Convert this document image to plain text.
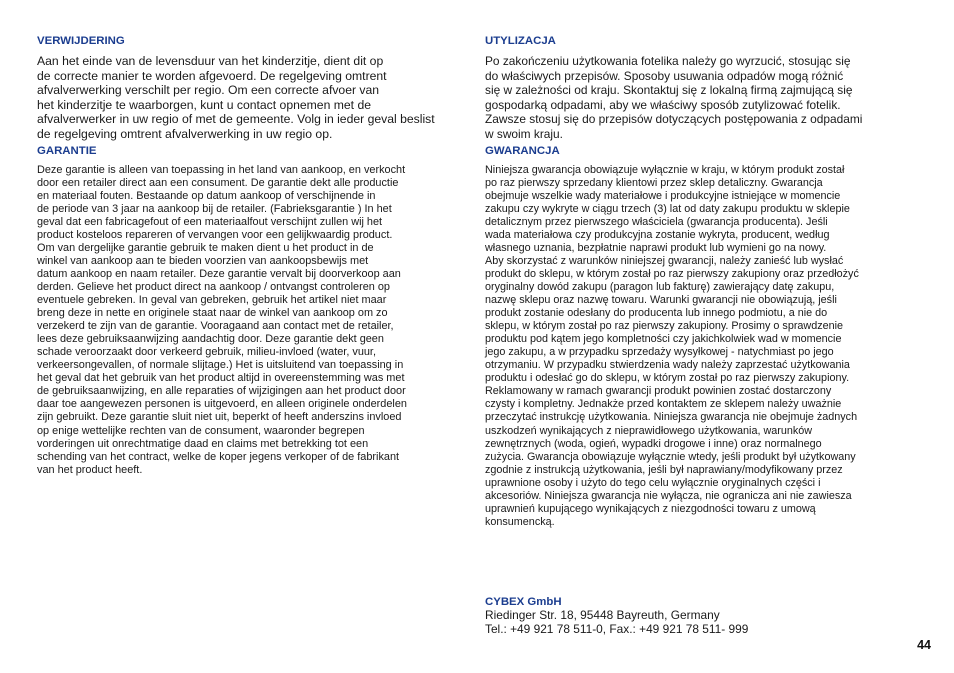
VERWIJDERING

Aan het einde van de levensduur van het kinderzitje, dient dit op
de correcte manier te worden afgevoerd. De regelgeving omtrent
afvalverwerking verschilt per regio. Om een correcte afvoer van
het kinderzitje te waarborgen, kunt u contact opnemen met de
afvalverwerker in uw regio of met de gemeente. Volg in ieder geval beslist
de regelgeving omtrent afvalverwerking in uw regio op.

GARANTIE

Deze garantie is alleen van toepassing in het land van aankoop, en verkocht
door een retailer direct aan een consument. De garantie dekt alle productie
en materiaal fouten. Bestaande op datum aankoop of verschijnende in
de periode van 3 jaar na aankoop bij de retailer. (Fabrieksgarantie ) In het
geval dat een fabricagefout of een materiaalfout verschijnt zullen wij het
product kosteloos repareren of vervangen voor een gelijkwaardig product.
Om van dergelijke garantie gebruik te maken dient u het product in de
winkel van aankoop aan te bieden voorzien van aankoopsbewijs met
datum aankoop en naam retailer. Deze garantie vervalt bij doorverkoop aan
derden. Gelieve het product direct na aankoop / ontvangst controleren op
eventuele gebreken. In geval van gebreken, gebruik het artikel niet maar
breng deze in nette en originele staat naar de winkel van aankoop om zo
verzekerd te zijn van de garantie. Vooragaand aan contact met de retailer,
lees deze gebruiksaanwijzing aandachtig door. Deze garantie dekt geen
schade veroorzaakt door verkeerd gebruik, milieu-invloed (water, vuur,
verkeersongevallen, of normale slijtage.) Het is uitsluitend van toepassing in
het geval dat het gebruik van het product altijd in overeenstemming was met
de gebruiksaanwijzing, en alle reparaties of wijzigingen aan het product door
daar toe aangewezen personen is uitgevoerd, en alleen originele onderdelen
zijn gebruikt. Deze garantie sluit niet uit, beperkt of heeft anderszins invloed
op enige wettelijke rechten van de consument, waaronder begrepen
vorderingen uit onrechtmatige daad en claims met betrekking tot een
schending van het contract, welke de koper jegens verkoper of de fabrikant
van het product heeft.

UTYLIZACJA

Po zakończeniu użytkowania fotelika należy go wyrzucić, stosując się
do właściwych przepisów. Sposoby usuwania odpadów mogą różnić
się w zależności od kraju. Skontaktuj się z lokalną firmą zajmującą się
gospodarką odpadami, aby we właściwy sposób zutylizować fotelik.
Zawsze stosuj się do przepisów dotyczących postępowania z odpadami
w swoim kraju.

GWARANCJA

Niniejsza gwarancja obowiązuje wyłącznie w kraju, w którym produkt został
po raz pierwszy sprzedany klientowi przez sklep detaliczny. Gwarancja
obejmuje wszelkie wady materiałowe i produkcyjne istniejące w momencie
zakupu czy wykryte w ciągu trzech (3) lat od daty zakupu produktu w sklepie
detalicznym przez pierwszego właściciela (gwarancja producenta). Jeśli
wada materiałowa czy produkcyjna zostanie wykryta, producent, według
własnego uznania, bezpłatnie naprawi produkt lub wymieni go na nowy.
Aby skorzystać z warunków niniejszej gwarancji, należy zanieść lub wysłać
produkt do sklepu, w którym został po raz pierwszy zakupiony oraz przedłożyć
oryginalny dowód zakupu (paragon lub fakturę) zawierający datę zakupu,
nazwę sklepu oraz nazwę towaru. Warunki gwarancji nie obowiązują, jeśli
produkt zostanie odesłany do producenta lub innego podmiotu, a nie do
sklepu, w którym został po raz pierwszy zakupiony. Prosimy o sprawdzenie
produktu pod kątem jego kompletności czy jakichkolwiek wad w momencie
jego zakupu, a w przypadku sprzedaży wysyłkowej - natychmiast po jego
otrzymaniu. W przypadku stwierdzenia wady należy zaprzestać użytkowania
produktu i odesłać go do sklepu, w którym został po raz pierwszy zakupiony.
Reklamowany w ramach gwarancji produkt powinien zostać dostarczony
czysty i kompletny. Jednakże przed kontaktem ze sklepem należy uważnie
przeczytać instrukcję użytkowania. Niniejsza gwarancja nie obejmuje żadnych
uszkodzeń wynikających z nieprawidłowego użytkowania, warunków
zewnętrznych (woda, ogień, wypadki drogowe i inne) oraz normalnego
zużycia. Gwarancja obowiązuje wyłącznie wtedy, jeśli produkt był użytkowany
zgodnie z instrukcją użytkowania, jeśli był naprawiany/modyfikowany przez
uprawnione osoby i użyto do tego celu wyłącznie oryginalnych części i
akcesoriów. Niniejsza gwarancja nie wyłącza, nie ogranicza ani nie zawiesza
uprawnień kupującego wynikających z niezgodności towaru z umową
konsumencką.

CYBEX GmbH

Riedinger Str. 18, 95448 Bayreuth, Germany

Tel.: +49 921 78 511-0, Fax.: +49 921 78 511- 999

44
